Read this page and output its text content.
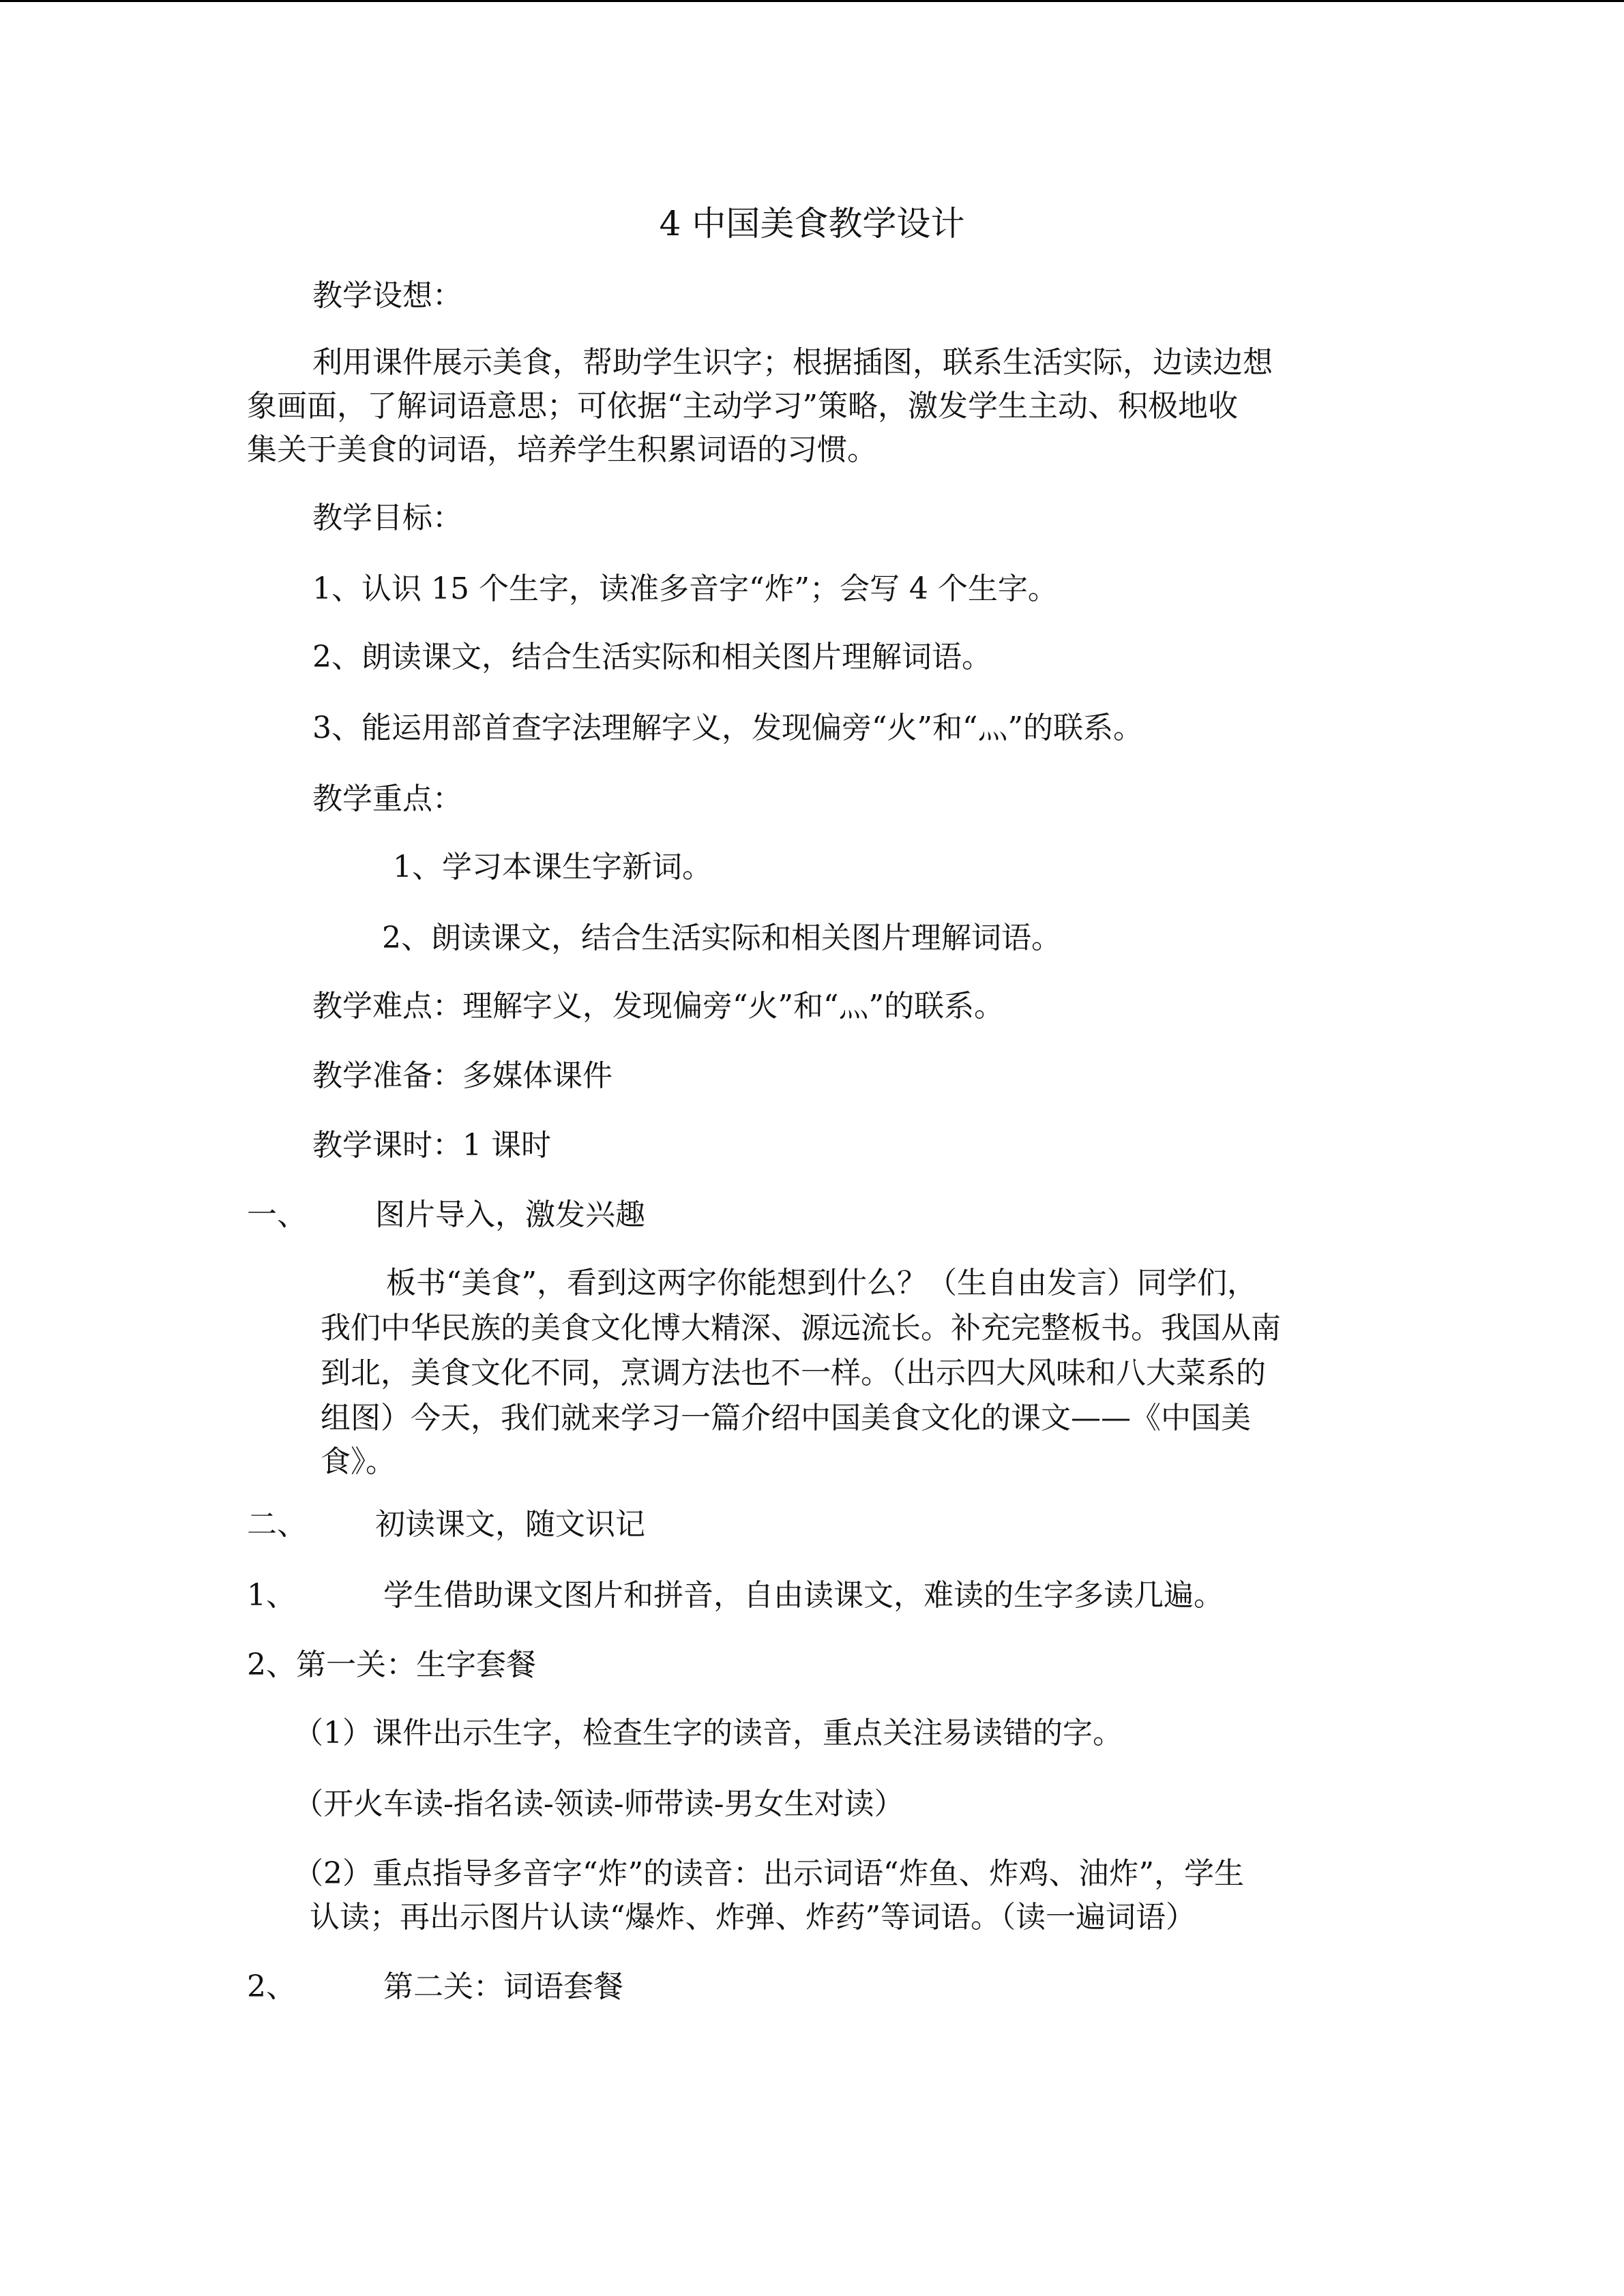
4 中国美食教学设计
教学设想：
利用课件展示美食，帮助学生识字；根据插图，联系生活实际，边读边想
象画面，了解词语意思；可依据“主动学习”策略，激发学生主动、积极地收
集关于美食的词语，培养学生积累词语的习惯。
教学目标：
1、认识 15 个生字，读准多音字“炸”；会写 4 个生字。
2、朗读课文，结合生活实际和相关图片理解词语。
3、能运用部首查字法理解字义，发现偏旁“火”和“灬”的联系。
教学重点：
1、学习本课生字新词。
2、朗读课文，结合生活实际和相关图片理解词语。
教学难点：理解字义，发现偏旁“火”和“灬”的联系。
教学准备：多媒体课件
教学课时：1 课时
一、 图片导入，激发兴趣
板书“美食”，看到这两字你能想到什么？（生自由发言）同学们，
我们中华民族的美食文化博大精深、源远流长。补充完整板书。我国从南
到北，美食文化不同，烹调方法也不一样。（出示四大风味和八大菜系的
组图）今天，我们就来学习一篇介绍中国美食文化的课文——《中国美
食》。
二、 初读课文，随文识记
1、	学生借助课文图片和拼音，自由读课文，难读的生字多读几遍。
2、第一关：生字套餐
（1）课件出示生字，检查生字的读音，重点关注易读错的字。
（开火车读-指名读-领读-师带读-男女生对读）
（2）重点指导多音字“炸”的读音：出示词语“炸鱼、炸鸡、油炸”，学生
认读；再出示图片认读“爆炸、炸弹、炸药”等词语。（读一遍词语）
2、	第二关：词语套餐
